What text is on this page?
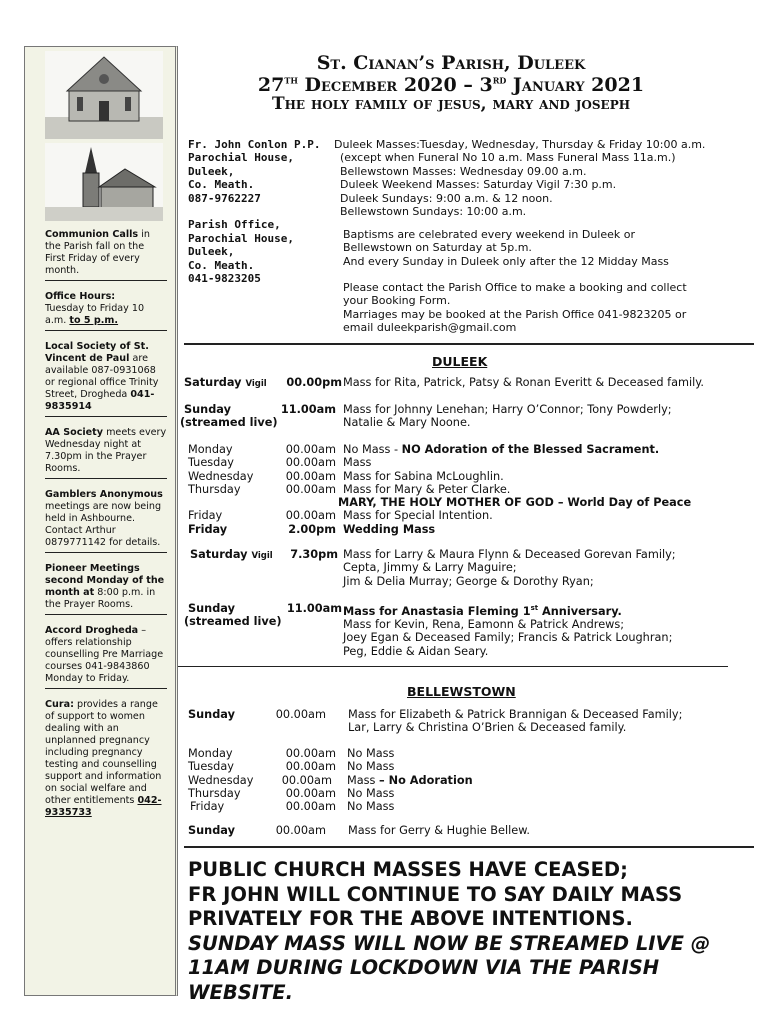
Communion Calls in the Parish fall on the First Friday of every month.
Office Hours:
Tuesday to Friday 10 a.m. to 5 p.m.
Local Society of St. Vincent de Paul are available 087-0931068 or regional office Trinity Street, Drogheda 041-9835914
AA Society meets every Wednesday night at 7.30pm in the Prayer Rooms.
Gamblers Anonymous meetings are now being held in Ashbourne. Contact Arthur 0879771142 for details.
Pioneer Meetings second Monday of the month at 8:00 p.m. in the Prayer Rooms.
Accord Drogheda – offers relationship counselling Pre Marriage courses 041-9843860 Monday to Friday.
Cura: provides a range of support to women dealing with an unplanned pregnancy including pregnancy testing and counselling support and information on social welfare and other entitlements 042-9335733
St. Cianan’s Parish, Duleek
27th December 2020 – 3rd January 2021
The holy family of jesus, mary and joseph
Fr. John Conlon P.P.
Parochial House,
Duleek,
Co. Meath.
087-9762227

Parish Office,
Parochial House,
Duleek,
Co. Meath.
041-9823205
Duleek Masses:Tuesday, Wednesday, Thursday & Friday 10:00 a.m.
(except when Funeral No 10 a.m. Mass Funeral Mass 11a.m.)
Bellewstown Masses: Wednesday 09.00 a.m.
Duleek Weekend Masses: Saturday Vigil 7:30 p.m.
Duleek Sundays: 9:00 a.m. & 12 noon.
Bellewstown Sundays: 10:00 a.m.
Baptisms are celebrated every weekend in Duleek or
Bellewstown on Saturday at 5p.m.
And every Sunday in Duleek only after the 12 Midday Mass
Please contact the Parish Office to make a booking and collect
your Booking Form.
Marriages may be booked at the Parish Office 041-9823205 or
email duleekparish@gmail.com
DULEEK
Saturday Vigil	00.00pm Mass for Rita, Patrick, Patsy & Ronan Everitt & Deceased family.
Sunday
(streamed live)
11.00am Mass for Johnny Lenehan; Harry O’Connor; Tony Powderly;
Natalie & Mary Noone.
Monday	00.00am No Mass - NO Adoration of the Blessed Sacrament.
Tuesday	00.00am Mass
Wednesday	00.00am Mass for Sabina McLoughlin.
Thursday	00.00am Mass for Mary & Peter Clarke.
MARY, THE HOLY MOTHER OF GOD – World Day of Peace
Friday	00.00am Mass for Special Intention.
Friday	2.00pm Wedding Mass
Saturday Vigil	7.30pm Mass for Larry & Maura Flynn & Deceased Gorevan Family;
Cepta, Jimmy & Larry Maguire;
Jim & Delia Murray; George & Dorothy Ryan;
Sunday
(streamed live)
11.00am Mass for Anastasia Fleming 1st Anniversary.

Mass for Kevin, Rena, Eamonn & Patrick Andrews;
Joey Egan & Deceased Family; Francis & Patrick Loughran;
Peg, Eddie & Aidan Seary.
BELLEWSTOWN
Sunday	00.00am Mass for Elizabeth & Patrick Brannigan & Deceased Family;
Lar, Larry & Christina O’Brien & Deceased family.
Monday	00.00am No Mass
Tuesday	00.00am No Mass
Wednesday	00.00am Mass – No Adoration
Thursday	00.00am No Mass
Friday	00.00am No Mass
Sunday	00.00am Mass for Gerry & Hughie Bellew.
PUBLIC CHURCH MASSES HAVE CEASED;
FR JOHN WILL CONTINUE TO SAY DAILY MASS
PRIVATELY FOR THE ABOVE INTENTIONS.
SUNDAY MASS WILL NOW BE STREAMED LIVE @
11AM DURING LOCKDOWN VIA THE PARISH
WEBSITE.
